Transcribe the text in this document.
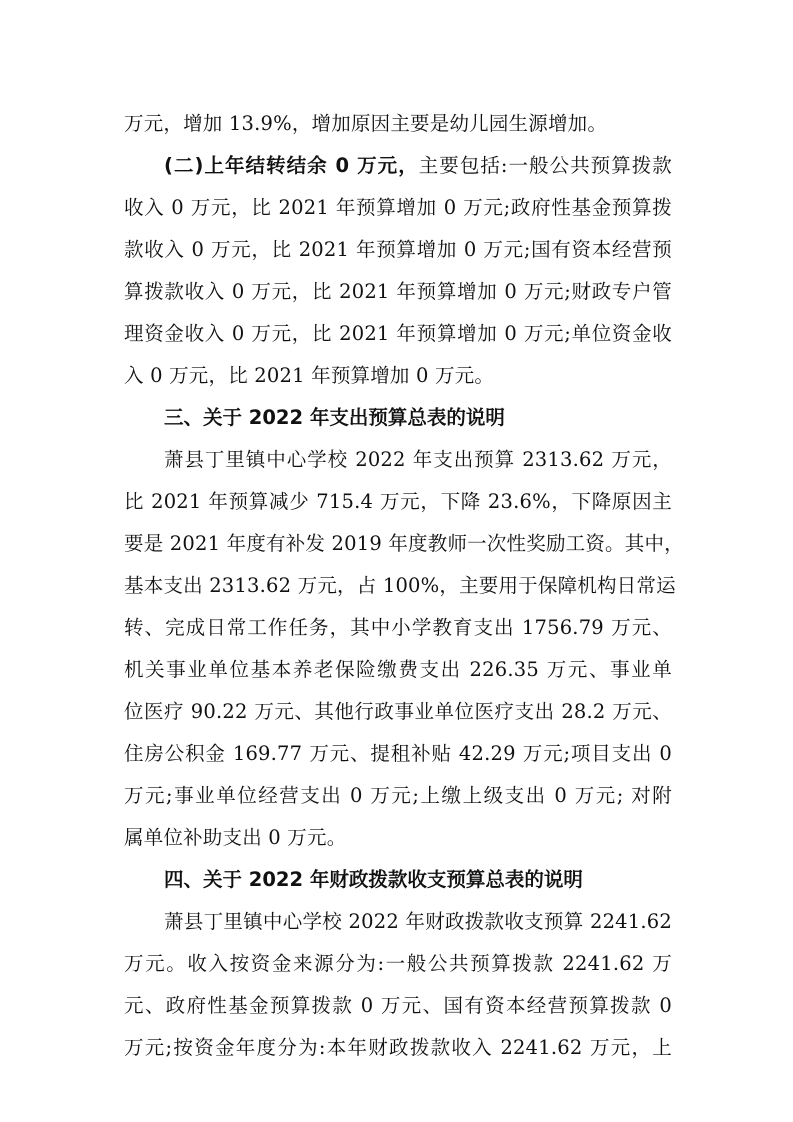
万元，增加 13.9%，增加原因主要是幼儿园生源增加。
(二)上年结转结余 0 万元，主要包括:一般公共预算拨款
收入 0 万元，比 2021 年预算增加 0 万元;政府性基金预算拨
款收入 0 万元，比 2021 年预算增加 0 万元;国有资本经营预
算拨款收入 0 万元，比 2021 年预算增加 0 万元;财政专户管
理资金收入 0 万元，比 2021 年预算增加 0 万元;单位资金收
入 0 万元，比 2021 年预算增加 0 万元。
三、关于 2022 年支出预算总表的说明
萧县丁里镇中心学校 2022 年支出预算 2313.62 万元，
比 2021 年预算减少 715.4 万元，下降 23.6%，下降原因主
要是 2021 年度有补发 2019 年度教师一次性奖励工资。其中，
基本支出 2313.62 万元，占 100%，主要用于保障机构日常运
转、完成日常工作任务，其中小学教育支出 1756.79 万元、
机关事业单位基本养老保险缴费支出 226.35 万元、事业单
位医疗 90.22 万元、其他行政事业单位医疗支出 28.2 万元、
住房公积金 169.77 万元、提租补贴 42.29 万元;项目支出 0
万元;事业单位经营支出 0 万元;上缴上级支出 0 万元; 对附
属单位补助支出 0 万元。
四、关于 2022 年财政拨款收支预算总表的说明
萧县丁里镇中心学校 2022 年财政拨款收支预算 2241.62
万元。收入按资金来源分为:一般公共预算拨款 2241.62 万
元、政府性基金预算拨款 0 万元、国有资本经营预算拨款 0
万元;按资金年度分为:本年财政拨款收入 2241.62 万元，上
